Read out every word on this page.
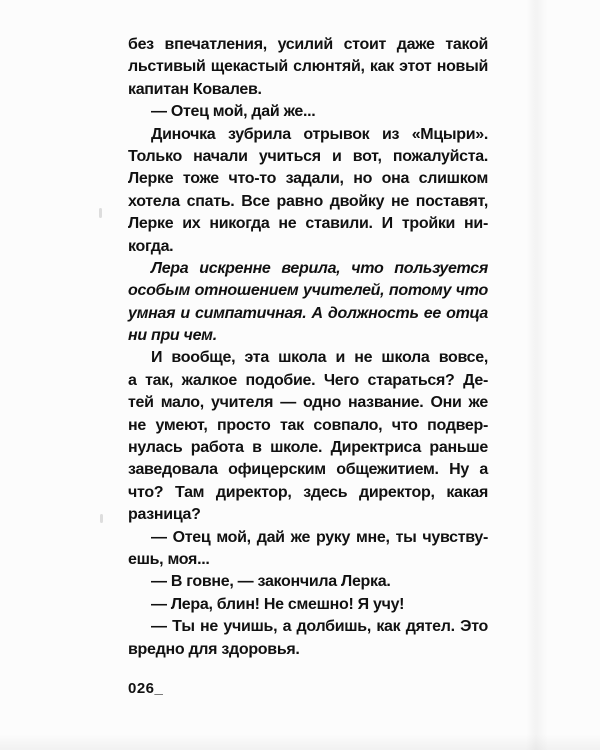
без впечатления, усилий стоит даже такой
льстивый щекастый слюнтяй, как этот новый
капитан Ковалев.
— Отец мой, дай же...
Диночка зубрила отрывок из «Мцыри».
Только начали учиться и вот, пожалуйста.
Лерке тоже что-то задали, но она слишком
хотела спать. Все равно двойку не поставят,
Лерке их никогда не ставили. И тройки ни-
когда.
Лера искренне верила, что пользуется
особым отношением учителей, потому что
умная и симпатичная. А должность ее отца
ни при чем.
И вообще, эта школа и не школа вовсе,
а так, жалкое подобие. Чего стараться? Де-
тей мало, учителя — одно название. Они же
не умеют, просто так совпало, что подвер-
нулась работа в школе. Директриса раньше
заведовала офицерским общежитием. Ну а
что? Там директор, здесь директор, какая
разница?
— Отец мой, дай же руку мне, ты чувству-
ешь, моя...
— В говне, — закончила Лерка.
— Лера, блин! Не смешно! Я учу!
— Ты не учишь, а долбишь, как дятел. Это
вредно для здоровья.
026_
